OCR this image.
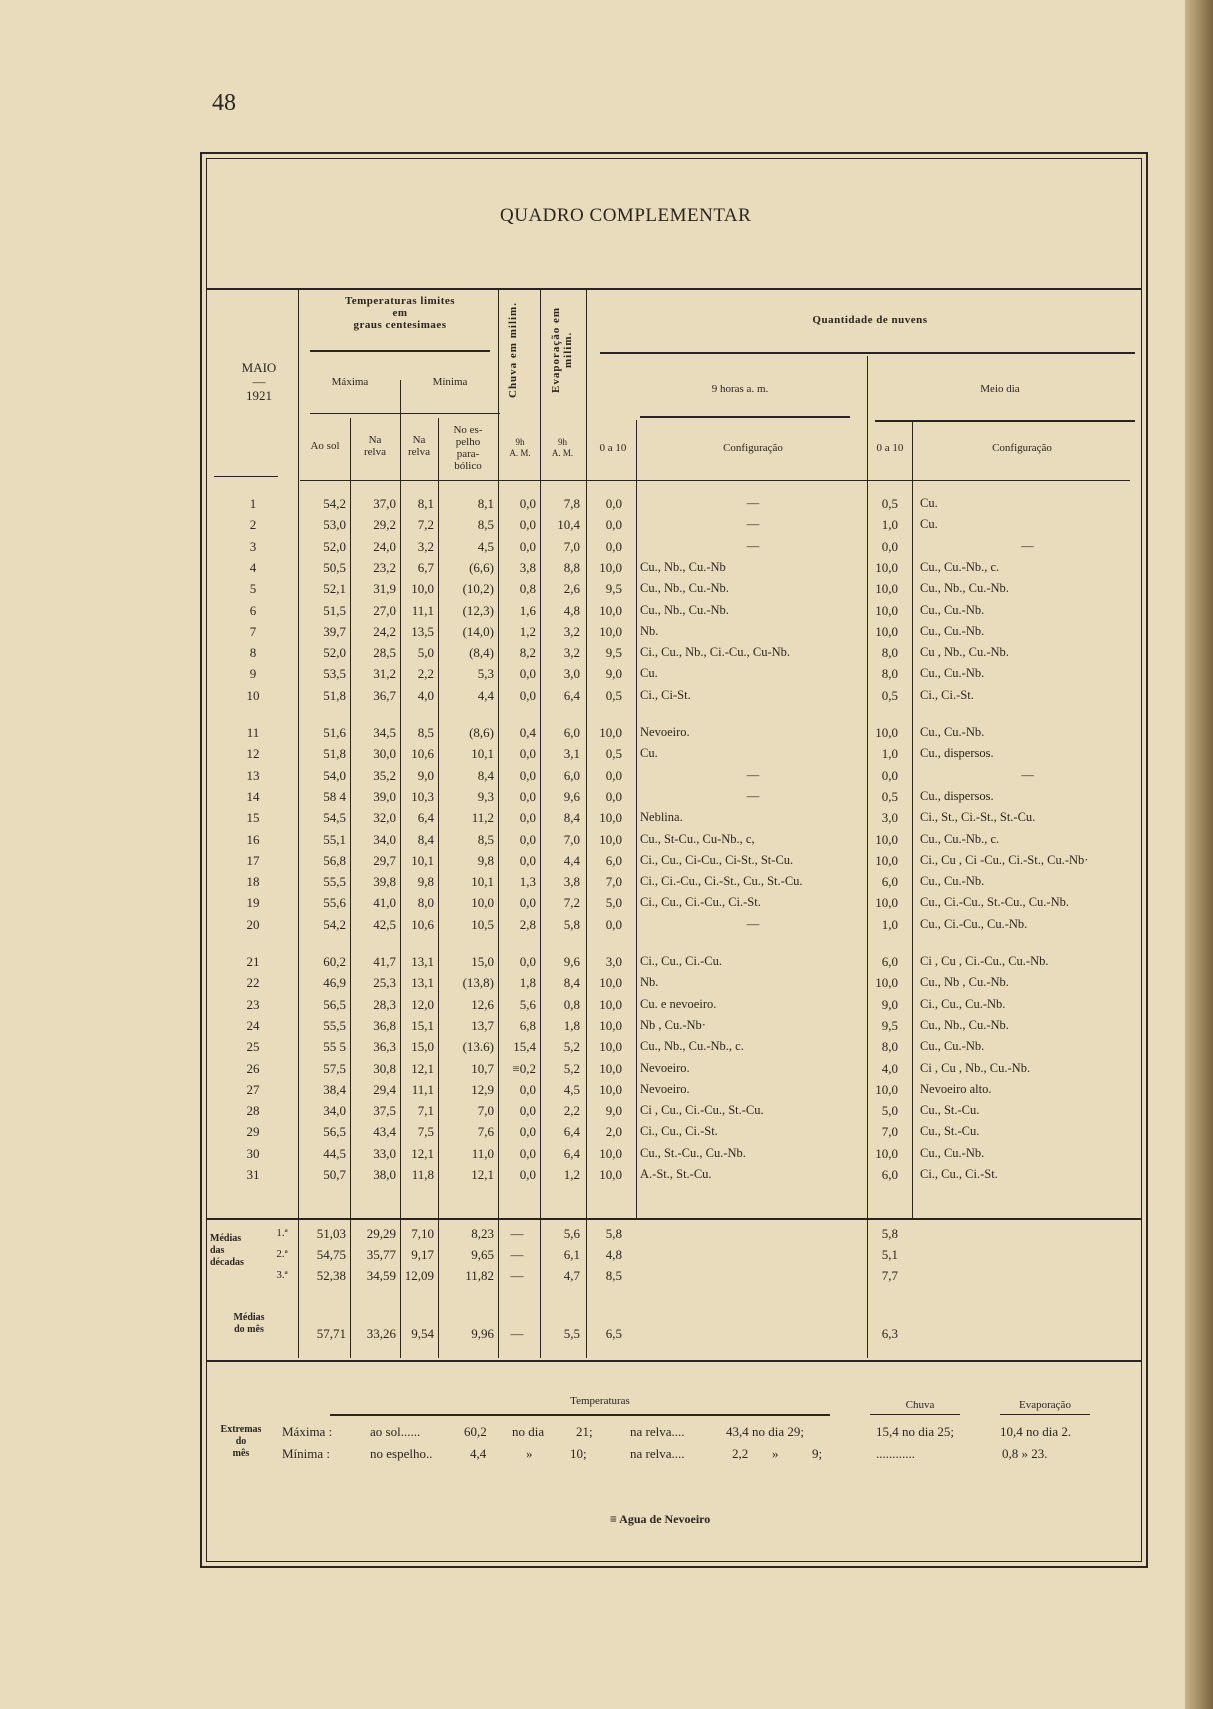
48
QUADRO COMPLEMENTAR
Temperaturas limites
em
graus centesimaes
MAIO
—
1921
Máxima	Mínima	Chuva em milim.	Evaporação em milim.
Quantidade de nuvens
9 horas a. m.	Meio dia
Ao sol	Na
relva
Na
relva
No es-
pelho
para-
bólico
9h
A. M.
9h
A. M.	0 a 10	Configuração	0 a 10	Configuração
1	54,2	37,0	8,1	8,1	0,0	7,8	0,0	—	0,5 Cu.
2	53,0	29,2	7,2	8,5	0,0	10,4	0,0	—	1,0 Cu.
3	52,0	24,0	3,2	4,5	0,0	7,0	0,0	—	0,0	—
4	50,5	23,2	6,7	(6,6)	3,8	8,8	10,0 Cu., Nb., Cu.-Nb	10,0 Cu., Cu.-Nb., c.
5	52,1	31,9	10,0	(10,2)	0,8	2,6	9,5 Cu., Nb., Cu.-Nb.	10,0 Cu., Nb., Cu.-Nb.
6	51,5	27,0	11,1	(12,3)	1,6	4,8	10,0 Cu., Nb., Cu.-Nb.	10,0 Cu., Cu.-Nb.
7	39,7	24,2	13,5	(14,0)	1,2	3,2	10,0 Nb.	10,0 Cu., Cu.-Nb.
8	52,0	28,5	5,0	(8,4)	8,2	3,2	9,5 Ci., Cu., Nb., Ci.-Cu., Cu-Nb.	8,0 Cu , Nb., Cu.-Nb.
9	53,5	31,2	2,2	5,3	0,0	3,0	9,0 Cu.	8,0 Cu., Cu.-Nb.
10	51,8	36,7	4,0	4,4	0,0	6,4	0,5 Ci., Ci-St.	0,5 Ci., Ci.-St.
11	51,6	34,5	8,5	(8,6)	0,4	6,0	10,0 Nevoeiro.	10,0 Cu., Cu.-Nb.
12	51,8	30,0	10,6	10,1	0,0	3,1	0,5 Cu.	1,0 Cu., dispersos.
13	54,0	35,2	9,0	8,4	0,0	6,0	0,0	—	0,0	—
14	58 4	39,0	10,3	9,3	0,0	9,6	0,0	—	0,5 Cu., dispersos.
15	54,5	32,0	6,4	11,2	0,0	8,4	10,0 Neblina.	3,0 Ci., St., Ci.-St., St.-Cu.
16	55,1	34,0	8,4	8,5	0,0	7,0	10,0 Cu., St-Cu., Cu-Nb., c,	10,0 Cu., Cu.-Nb., c.
17	56,8	29,7	10,1	9,8	0,0	4,4	6,0 Ci., Cu., Ci-Cu., Ci-St., St-Cu.	10,0 Ci., Cu , Ci -Cu., Ci.-St., Cu.-Nb·
18	55,5	39,8	9,8	10,1	1,3	3,8	7,0 Ci., Ci.-Cu., Ci.-St., Cu., St.-Cu.	6,0 Cu., Cu.-Nb.
19	55,6	41,0	8,0	10,0	0,0	7,2	5,0 Ci., Cu., Ci.-Cu., Ci.-St.	10,0 Cu., Ci.-Cu., St.-Cu., Cu.-Nb.
20	54,2	42,5	10,6	10,5	2,8	5,8	0,0	—	1,0 Cu., Ci.-Cu., Cu.-Nb.
21	60,2	41,7	13,1	15,0	0,0	9,6	3,0 Ci., Cu., Ci.-Cu.	6,0 Ci , Cu , Ci.-Cu., Cu.-Nb.
22	46,9	25,3	13,1	(13,8)	1,8	8,4	10,0 Nb.	10,0 Cu., Nb , Cu.-Nb.
23	56,5	28,3	12,0	12,6	5,6	0,8	10,0 Cu. e nevoeiro.	9,0 Ci., Cu., Cu.-Nb.
24	55,5	36,8	15,1	13,7	6,8	1,8	10,0 Nb , Cu.-Nb·	9,5 Cu., Nb., Cu.-Nb.
25	55 5	36,3	15,0	(13.6)	15,4	5,2	10,0 Cu., Nb., Cu.-Nb., c.	8,0 Cu., Cu.-Nb.
26	57,5	30,8	12,1	10,7	≡0,2	5,2	10,0 Nevoeiro.	4,0 Ci , Cu , Nb., Cu.-Nb.
27	38,4	29,4	11,1	12,9	0,0	4,5	10,0 Nevoeiro.	10,0 Nevoeiro alto.
28	34,0	37,5	7,1	7,0	0,0	2,2	9,0 Ci , Cu., Ci.-Cu., St.-Cu.	5,0 Cu., St.-Cu.
29	56,5	43,4	7,5	7,6	0,0	6,4	2,0 Ci., Cu., Ci.-St.	7,0 Cu., St.-Cu.
30	44,5	33,0	12,1	11,0	0,0	6,4	10,0 Cu., St.-Cu., Cu.-Nb.	10,0 Cu., Cu.-Nb.
31	50,7	38,0	11,8	12,1	0,0	1,2	10,0 A.-St., St.-Cu.	6,0 Ci., Cu., Ci.-St.
1.ª	51,03	29,29	7,10	8,23	—	5,6	5,8	5,8
2.ª	54,75	35,77	9,17	9,65	—	6,1	4,8	5,1
3.ª	52,38	34,59 12,09	11,82	—	4,7	8,5	7,7
Médias
das
décadas
Médias
do mês	57,71	33,26	9,54	9,96	—	5,5	6,5	6,3
Temperaturas	Chuva	Evaporação
Extremas
do
mês
Máxima :	ao sol......	60,2 no dia 21;	na relva....	43,4 no dia 29;	15,4 no dia 25;	10,4 no dia 2.
Mínima :	no espelho..	4,4	»	10;	na relva....	2,2 »	9;	............	0,8 » 23.
≡ Agua de Nevoeiro
